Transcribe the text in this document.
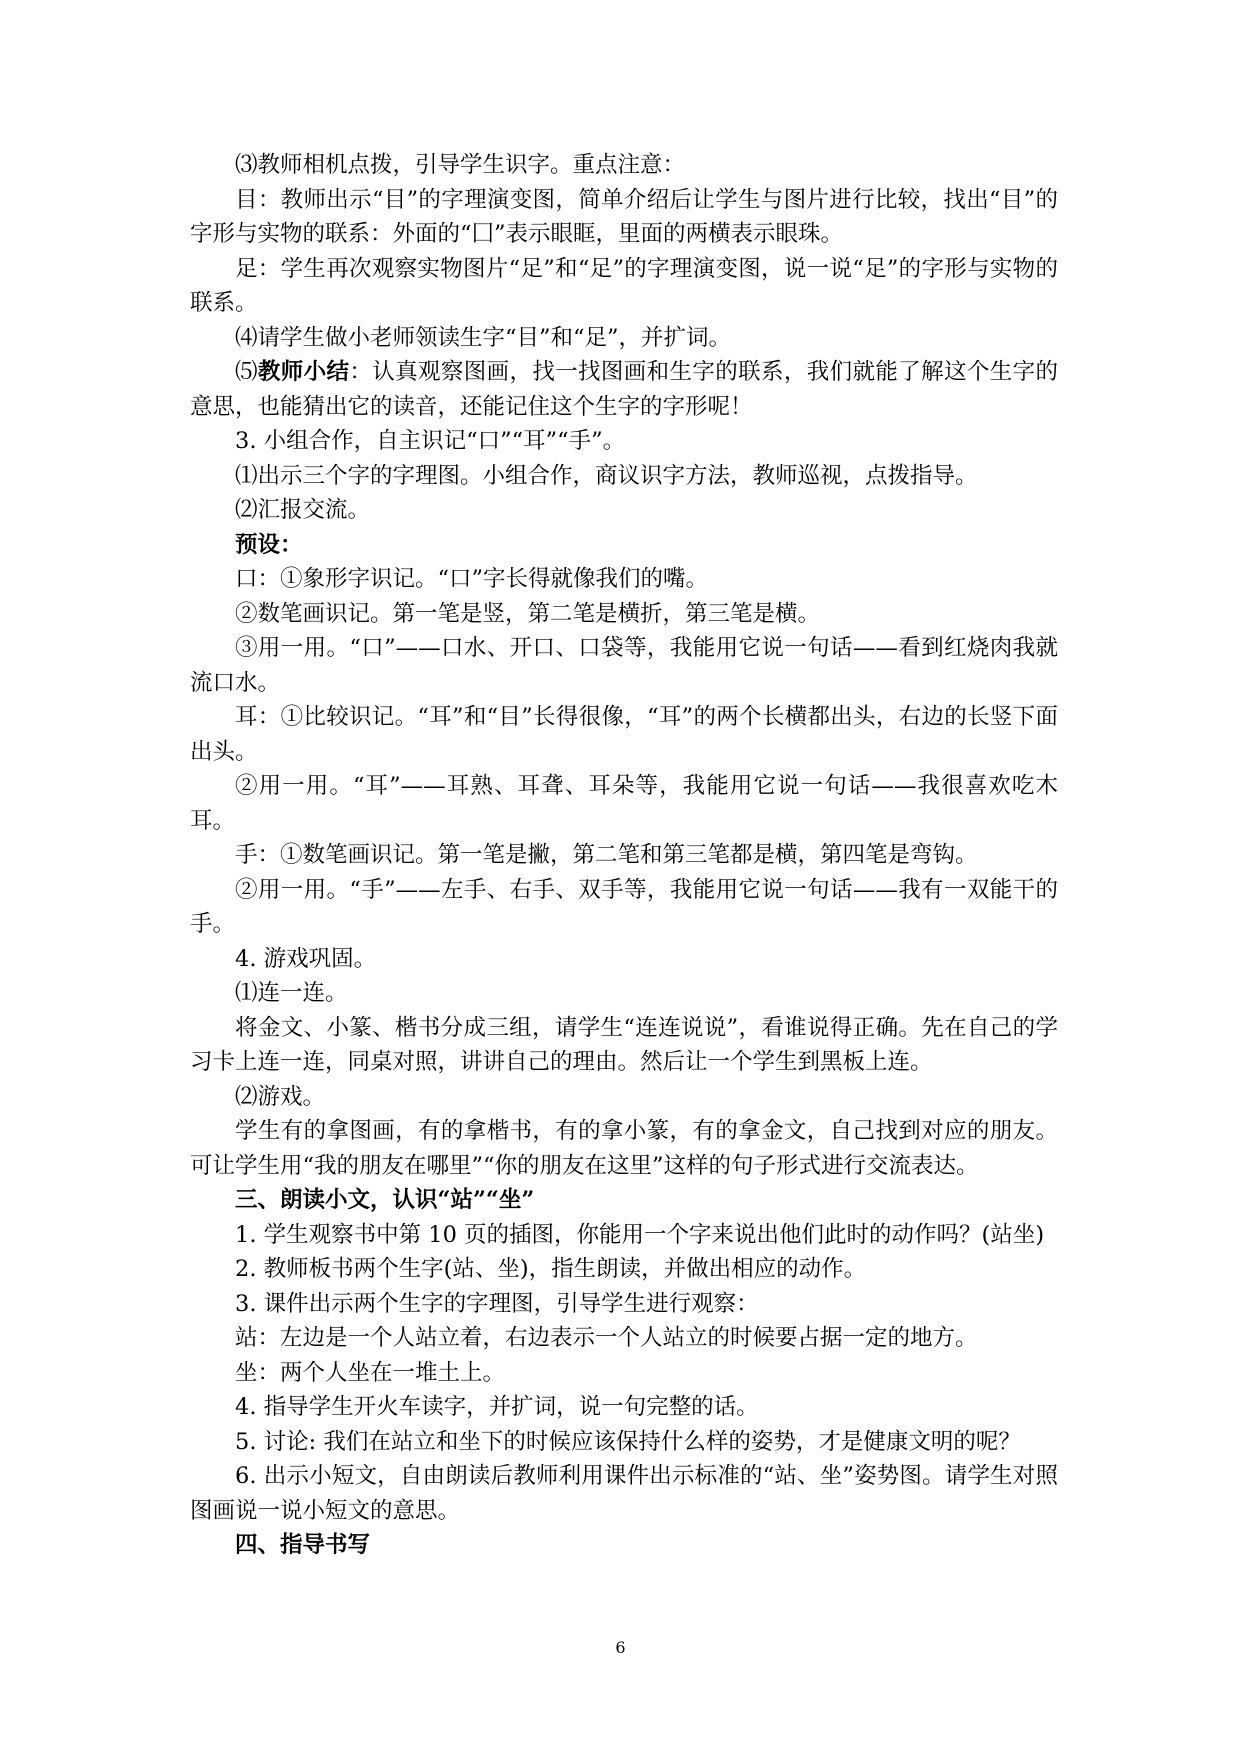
⑶教师相机点拨，引导学生识字。重点注意：

目：教师出示“目”的字理演变图，简单介绍后让学生与图片进行比较，找出“目”的字形与实物的联系：外面的“囗”表示眼眶，里面的两横表示眼珠。

足：学生再次观察实物图片“足”和“足”的字理演变图，说一说“足”的字形与实物的联系。

⑷请学生做小老师领读生字“目”和“足”，并扩词。

⑸教师小结：认真观察图画，找一找图画和生字的联系，我们就能了解这个生字的意思，也能猜出它的读音，还能记住这个生字的字形呢！

3. 小组合作，自主识记“口”“耳”“手”。

⑴出示三个字的字理图。小组合作，商议识字方法，教师巡视，点拨指导。

⑵汇报交流。

预设：

口：①象形字识记。“口”字长得就像我们的嘴。

②数笔画识记。第一笔是竖，第二笔是横折，第三笔是横。

③用一用。“口”——口水、开口、口袋等，我能用它说一句话——看到红烧肉我就流口水。

耳：①比较识记。“耳”和“目”长得很像，“耳”的两个长横都出头，右边的长竖下面出头。

②用一用。“耳”——耳熟、耳聋、耳朵等，我能用它说一句话——我很喜欢吃木耳。

手：①数笔画识记。第一笔是撇，第二笔和第三笔都是横，第四笔是弯钩。

②用一用。“手”——左手、右手、双手等，我能用它说一句话——我有一双能干的手。

4. 游戏巩固。

⑴连一连。

将金文、小篆、楷书分成三组，请学生“连连说说”，看谁说得正确。先在自己的学习卡上连一连，同桌对照，讲讲自己的理由。然后让一个学生到黑板上连。

⑵游戏。

学生有的拿图画，有的拿楷书，有的拿小篆，有的拿金文，自己找到对应的朋友。可让学生用“我的朋友在哪里”“你的朋友在这里”这样的句子形式进行交流表达。

三、朗读小文，认识“站”“坐”

1. 学生观察书中第 10 页的插图，你能用一个字来说出他们此时的动作吗？(站坐)

2. 教师板书两个生字(站、坐)，指生朗读，并做出相应的动作。

3. 课件出示两个生字的字理图，引导学生进行观察：

站：左边是一个人站立着，右边表示一个人站立的时候要占据一定的地方。

坐：两个人坐在一堆土上。

4. 指导学生开火车读字，并扩词，说一句完整的话。

5. 讨论: 我们在站立和坐下的时候应该保持什么样的姿势，才是健康文明的呢？

6. 出示小短文，自由朗读后教师利用课件出示标准的“站、坐”姿势图。请学生对照图画说一说小短文的意思。

四、指导书写

6
